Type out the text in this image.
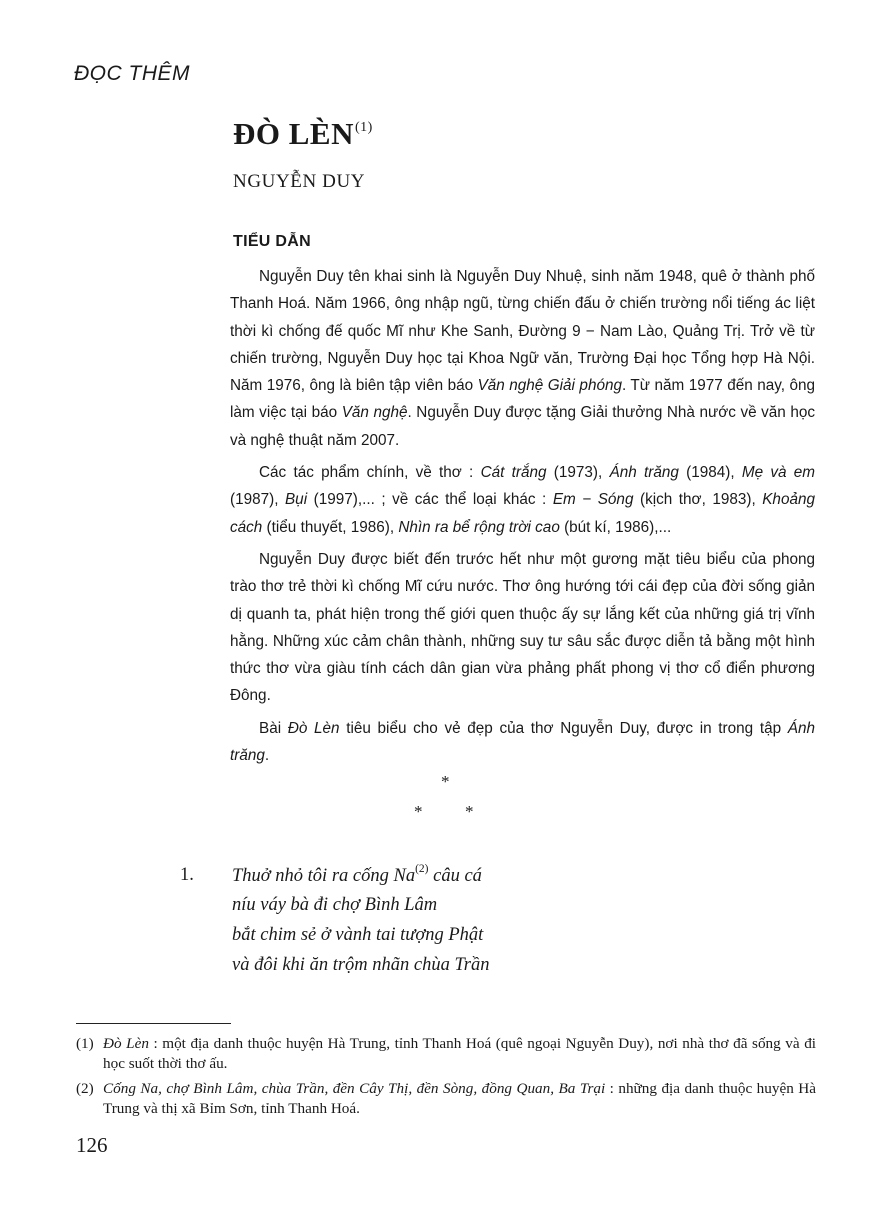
ĐỌC THÊM
ĐÒ LÈN$^{(1)}$
NGUYỄN DUY
TIỂU DẪN

Nguyễn Duy tên khai sinh là Nguyễn Duy Nhuệ, sinh năm 1948, quê ở thành phố Thanh Hoá. Năm 1966, ông nhập ngũ, từng chiến đấu ở chiến trường nổi tiếng ác liệt thời kì chống đế quốc Mĩ như Khe Sanh, Đường 9 − Nam Lào, Quảng Trị. Trở về từ chiến trường, Nguyễn Duy học tại Khoa Ngữ văn, Trường Đại học Tổng hợp Hà Nội. Năm 1976, ông là biên tập viên báo Văn nghệ Giải phóng. Từ năm 1977 đến nay, ông làm việc tại báo Văn nghệ. Nguyễn Duy được tặng Giải thưởng Nhà nước về văn học và nghệ thuật năm 2007.

Các tác phẩm chính, về thơ : Cát trắng (1973), Ánh trăng (1984), Mẹ và em (1987), Bụi (1997),... ; về các thể loại khác : Em − Sóng (kịch thơ, 1983), Khoảng cách (tiểu thuyết, 1986), Nhìn ra bể rộng trời cao (bút kí, 1986),...

Nguyễn Duy được biết đến trước hết như một gương mặt tiêu biểu của phong trào thơ trẻ thời kì chống Mĩ cứu nước. Thơ ông hướng tới cái đẹp của đời sống giản dị quanh ta, phát hiện trong thế giới quen thuộc ấy sự lắng kết của những giá trị vĩnh hằng. Những xúc cảm chân thành, những suy tư sâu sắc được diễn tả bằng một hình thức thơ vừa giàu tính cách dân gian vừa phảng phất phong vị thơ cổ điển phương Đông.

Bài Đò Lèn tiêu biểu cho vẻ đẹp của thơ Nguyễn Duy, được in trong tập Ánh trăng.

*
*	*
1. Thuở nhỏ tôi ra cống Na$^{(2)}$ câu cá
níu váy bà đi chợ Bình Lâm
bắt chim sẻ ở vành tai tượng Phật
và đôi khi ăn trộm nhãn chùa Trần
(1) Đò Lèn : một địa danh thuộc huyện Hà Trung, tỉnh Thanh Hoá (quê ngoại Nguyễn Duy), nơi nhà thơ đã sống và đi học suốt thời thơ ấu.
(2) Cống Na, chợ Bình Lâm, chùa Trần, đền Cây Thị, đền Sòng, đồng Quan, Ba Trại : những địa danh thuộc huyện Hà Trung và thị xã Bỉm Sơn, tỉnh Thanh Hoá.
126
